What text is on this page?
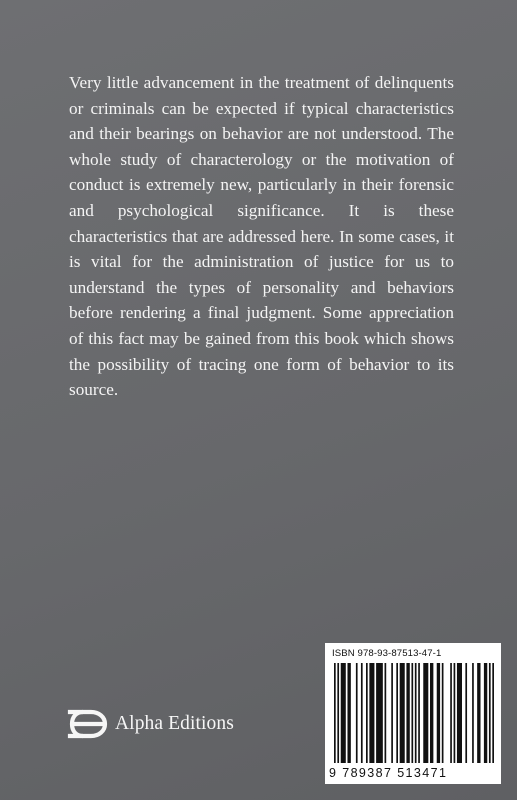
Very little advancement in the treatment of delinquents or criminals can be expected if typical characteristics and their bearings on behavior are not understood. The whole study of characterology or the motivation of conduct is extremely new, particularly in their forensic and psychological significance. It is these characteristics that are addressed here. In some cases, it is vital for the administration of justice for us to understand the types of personality and behaviors before rendering a final judgment. Some appreciation of this fact may be gained from this book which shows the possibility of tracing one form of behavior to its source.

Alpha Editions
ISBN 978-93-87513-47-1
9 789387 513471
